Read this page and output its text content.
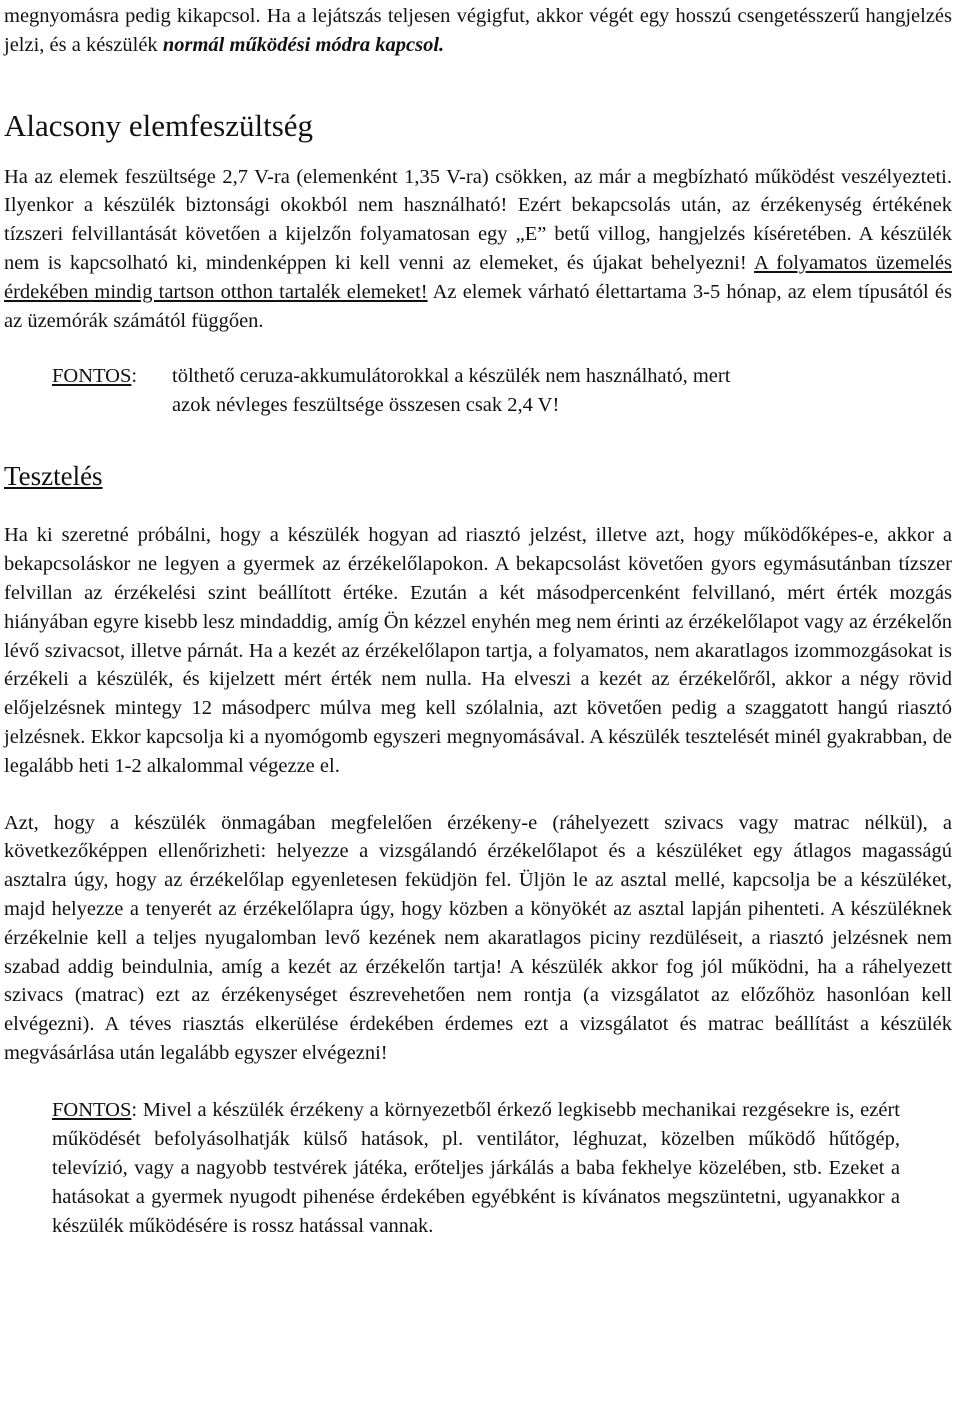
megnyomásra pedig kikapcsol. Ha a lejátszás teljesen végigfut, akkor végét egy hosszú csengetésszerű hangjelzés jelzi, és a készülék normál működési módra kapcsol.

Alacsony elemfeszültség

Ha az elemek feszültsége 2,7 V-ra (elemenként 1,35 V-ra) csökken, az már a megbízható működést veszélyezteti. Ilyenkor a készülék biztonsági okokból nem használható! Ezért bekapcsolás után, az érzékenység értékének tízszeri felvillantását követően a kijelzőn folyamatosan egy „E” betű villog, hangjelzés kíséretében. A készülék nem is kapcsolható ki, mindenképpen ki kell venni az elemeket, és újakat behelyezni! A folyamatos üzemelés érdekében mindig tartson otthon tartalék elemeket! Az elemek várható élettartama 3-5 hónap, az elem típusától és az üzemórák számától függően.

FONTOS:	tölthető ceruza-akkumulátorokkal a készülék nem használható, mert
azok névleges feszültsége összesen csak 2,4 V!
Tesztelés

Ha ki szeretné próbálni, hogy a készülék hogyan ad riasztó jelzést, illetve azt, hogy működőképes-e, akkor a bekapcsoláskor ne legyen a gyermek az érzékelőlapokon. A bekapcsolást követően gyors egymásutánban tízszer felvillan az érzékelési szint beállított értéke. Ezután a két másodpercenként felvillanó, mért érték mozgás hiányában egyre kisebb lesz mindaddig, amíg Ön kézzel enyhén meg nem érinti az érzékelőlapot vagy az érzékelőn lévő szivacsot, illetve párnát. Ha a kezét az érzékelőlapon tartja, a folyamatos, nem akaratlagos izommozgásokat is érzékeli a készülék, és kijelzett mért érték nem nulla. Ha elveszi a kezét az érzékelőről, akkor a négy rövid előjelzésnek mintegy 12 másodperc múlva meg kell szólalnia, azt követően pedig a szaggatott hangú riasztó jelzésnek. Ekkor kapcsolja ki a nyomógomb egyszeri megnyomásával. A készülék tesztelését minél gyakrabban, de legalább heti 1-2 alkalommal végezze el.

Azt, hogy a készülék önmagában megfelelően érzékeny-e (ráhelyezett szivacs vagy matrac nélkül), a következőképpen ellenőrizheti: helyezze a vizsgálandó érzékelőlapot és a készüléket egy átlagos magasságú asztalra úgy, hogy az érzékelőlap egyenletesen feküdjön fel. Üljön le az asztal mellé, kapcsolja be a készüléket, majd helyezze a tenyerét az érzékelőlapra úgy, hogy közben a könyökét az asztal lapján pihenteti. A készüléknek érzékelnie kell a teljes nyugalomban levő kezének nem akaratlagos piciny rezdüléseit, a riasztó jelzésnek nem szabad addig beindulnia, amíg a kezét az érzékelőn tartja! A készülék akkor fog jól működni, ha a ráhelyezett szivacs (matrac) ezt az érzékenységet észrevehetően nem rontja (a vizsgálatot az előzőhöz hasonlóan kell elvégezni). A téves riasztás elkerülése érdekében érdemes ezt a vizsgálatot és matrac beállítást a készülék megvásárlása után legalább egyszer elvégezni!

FONTOS: Mivel a készülék érzékeny a környezetből érkező legkisebb mechanikai rezgésekre is, ezért működését befolyásolhatják külső hatások, pl. ventilátor, léghuzat, közelben működő hűtőgép, televízió, vagy a nagyobb testvérek játéka, erőteljes járkálás a baba fekhelye közelében, stb. Ezeket a hatásokat a gyermek nyugodt pihenése érdekében egyébként is kívánatos megszüntetni, ugyanakkor a készülék működésére is rossz hatással vannak.
